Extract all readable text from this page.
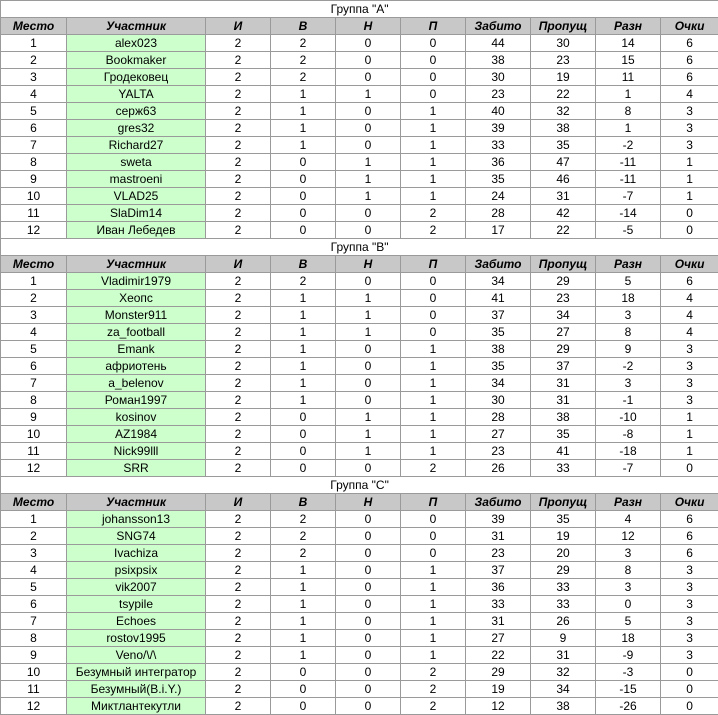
Группа "А"									
Место	Участник	И	В	Н	П	Забито	Пропущ	Разн	Очки
1	alex023	2	2	0	0	44	30	14	6
2	Bookmaker	2	2	0	0	38	23	15	6
3	Гродековец	2	2	0	0	30	19	11	6
4	YALTA	2	1	1	0	23	22	1	4
5	серж63	2	1	0	1	40	32	8	3
6	gres32	2	1	0	1	39	38	1	3
7	Richard27	2	1	0	1	33	35	-2	3
8	sweta	2	0	1	1	36	47	-11	1
9	mastroeni	2	0	1	1	35	46	-11	1
10	VLAD25	2	0	1	1	24	31	-7	1
11	SlaDim14	2	0	0	2	28	42	-14	0
12	Иван Лебедев	2	0	0	2	17	22	-5	0
Группа "В"									
Место	Участник	И	В	Н	П	Забито	Пропущ	Разн	Очки
1	Vladimir1979	2	2	0	0	34	29	5	6
2	Хеопс	2	1	1	0	41	23	18	4
3	Monster911	2	1	1	0	37	34	3	4
4	za_football	2	1	1	0	35	27	8	4
5	Emank	2	1	0	1	38	29	9	3
6	африотень	2	1	0	1	35	37	-2	3
7	a_belenov	2	1	0	1	34	31	3	3
8	Роман1997	2	1	0	1	30	31	-1	3
9	kosinov	2	0	1	1	28	38	-10	1
10	AZ1984	2	0	1	1	27	35	-8	1
11	Nick99lll	2	0	1	1	23	41	-18	1
12	SRR	2	0	0	2	26	33	-7	0
Группа "С"									
Место	Участник	И	В	Н	П	Забито	Пропущ	Разн	Очки
1	johansson13	2	2	0	0	39	35	4	6
2	SNG74	2	2	0	0	31	19	12	6
3	Ivachiza	2	2	0	0	23	20	3	6
4	psixpsix	2	1	0	1	37	29	8	3
5	vik2007	2	1	0	1	36	33	3	3
6	tsypile	2	1	0	1	33	33	0	3
7	Echoes	2	1	0	1	31	26	5	3
8	rostov1995	2	1	0	1	27	9	18	3
9	Veno/\/\	2	1	0	1	22	31	-9	3
10	Безумный интегратор	2	0	0	2	29	32	-3	0
11	Безумный(B.i.Y.)	2	0	0	2	19	34	-15	0
12	Миктлантекутли	2	0	0	2	12	38	-26	0
